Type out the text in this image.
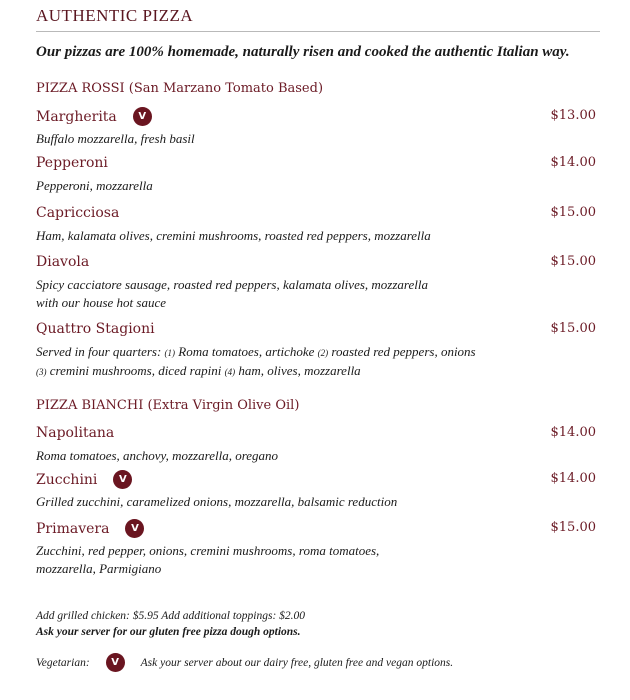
AUTHENTIC PIZZA
Our pizzas are 100% homemade, naturally risen and cooked the authentic Italian way.
PIZZA ROSSI (San Marzano Tomato Based)
Margherita V	$13.00
Buffalo mozzarella, fresh basil
Pepperoni	$14.00
Pepperoni, mozzarella
Capricciosa	$15.00
Ham, kalamata olives, cremini mushrooms, roasted red peppers, mozzarella
Diavola	$15.00
Spicy cacciatore sausage, roasted red peppers, kalamata olives, mozzarella
with our house hot sauce
Quattro Stagioni	$15.00
Served in four quarters: (1) Roma tomatoes, artichoke (2) roasted red peppers, onions
(3) cremini mushrooms, diced rapini (4) ham, olives, mozzarella
PIZZA BIANCHI (Extra Virgin Olive Oil)
Napolitana	$14.00
Roma tomatoes, anchovy, mozzarella, oregano
Zucchini V	$14.00
Grilled zucchini, caramelized onions, mozzarella, balsamic reduction
Primavera V	$15.00
Zucchini, red pepper, onions, cremini mushrooms, roma tomatoes,
mozzarella, Parmigiano
Add grilled chicken: $5.95 Add additional toppings: $2.00
Ask your server for our gluten free pizza dough options.
Vegetarian: V Ask your server about our dairy free, gluten free and vegan options.
